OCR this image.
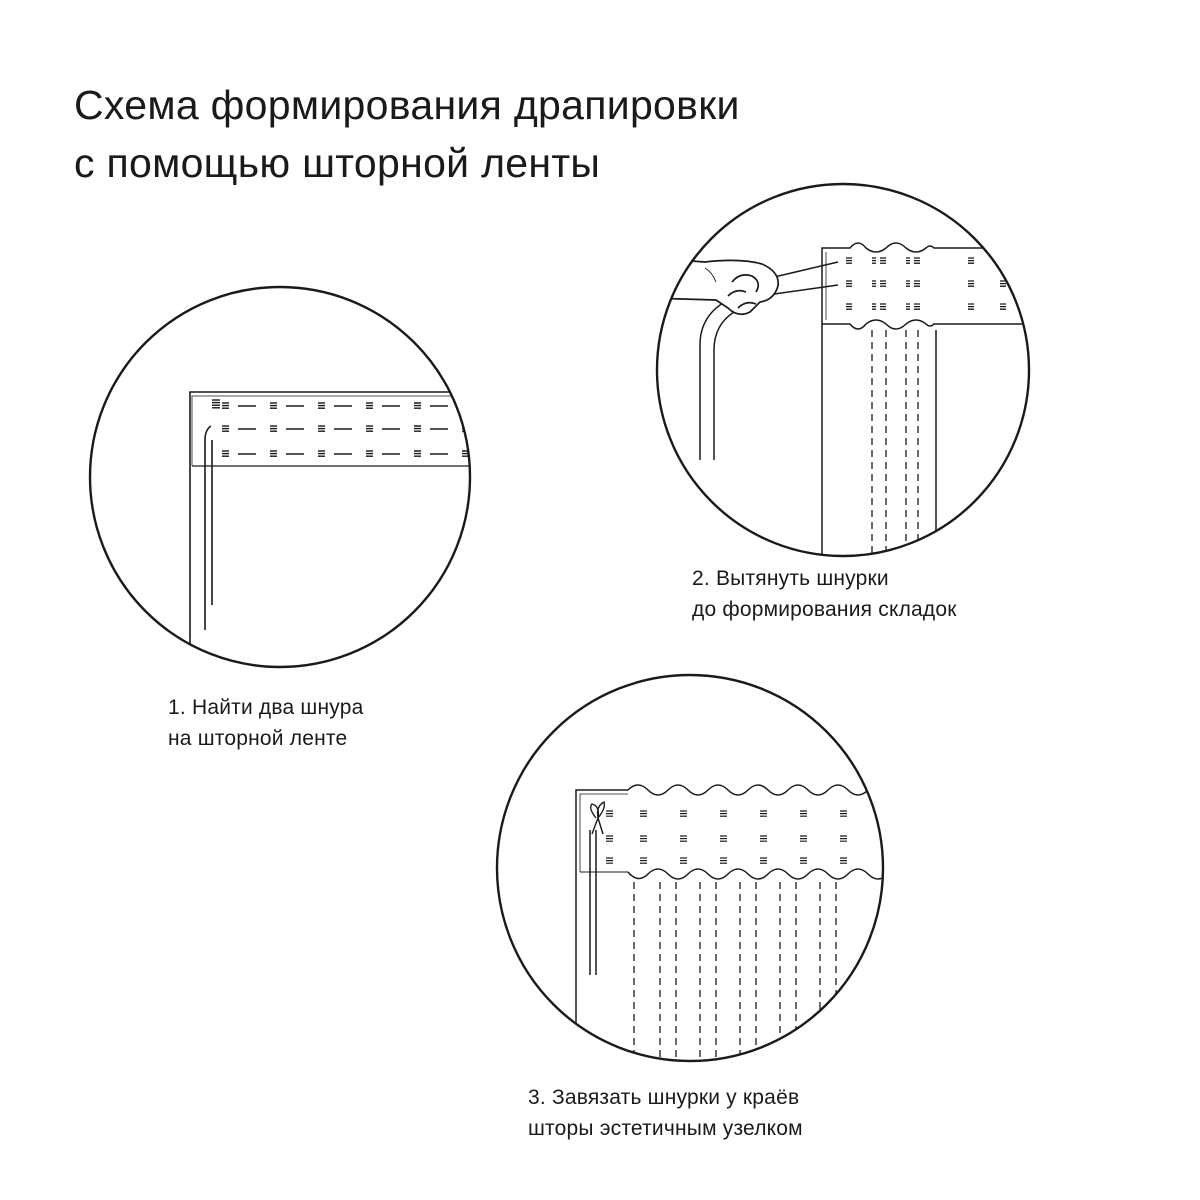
Схема формирования драпировки
с помощью шторной ленты
1. Найти два шнура
на шторной ленте
2. Вытянуть шнурки
до формирования складок
3. Завязать шнурки у краёв
шторы эстетичным узелком
